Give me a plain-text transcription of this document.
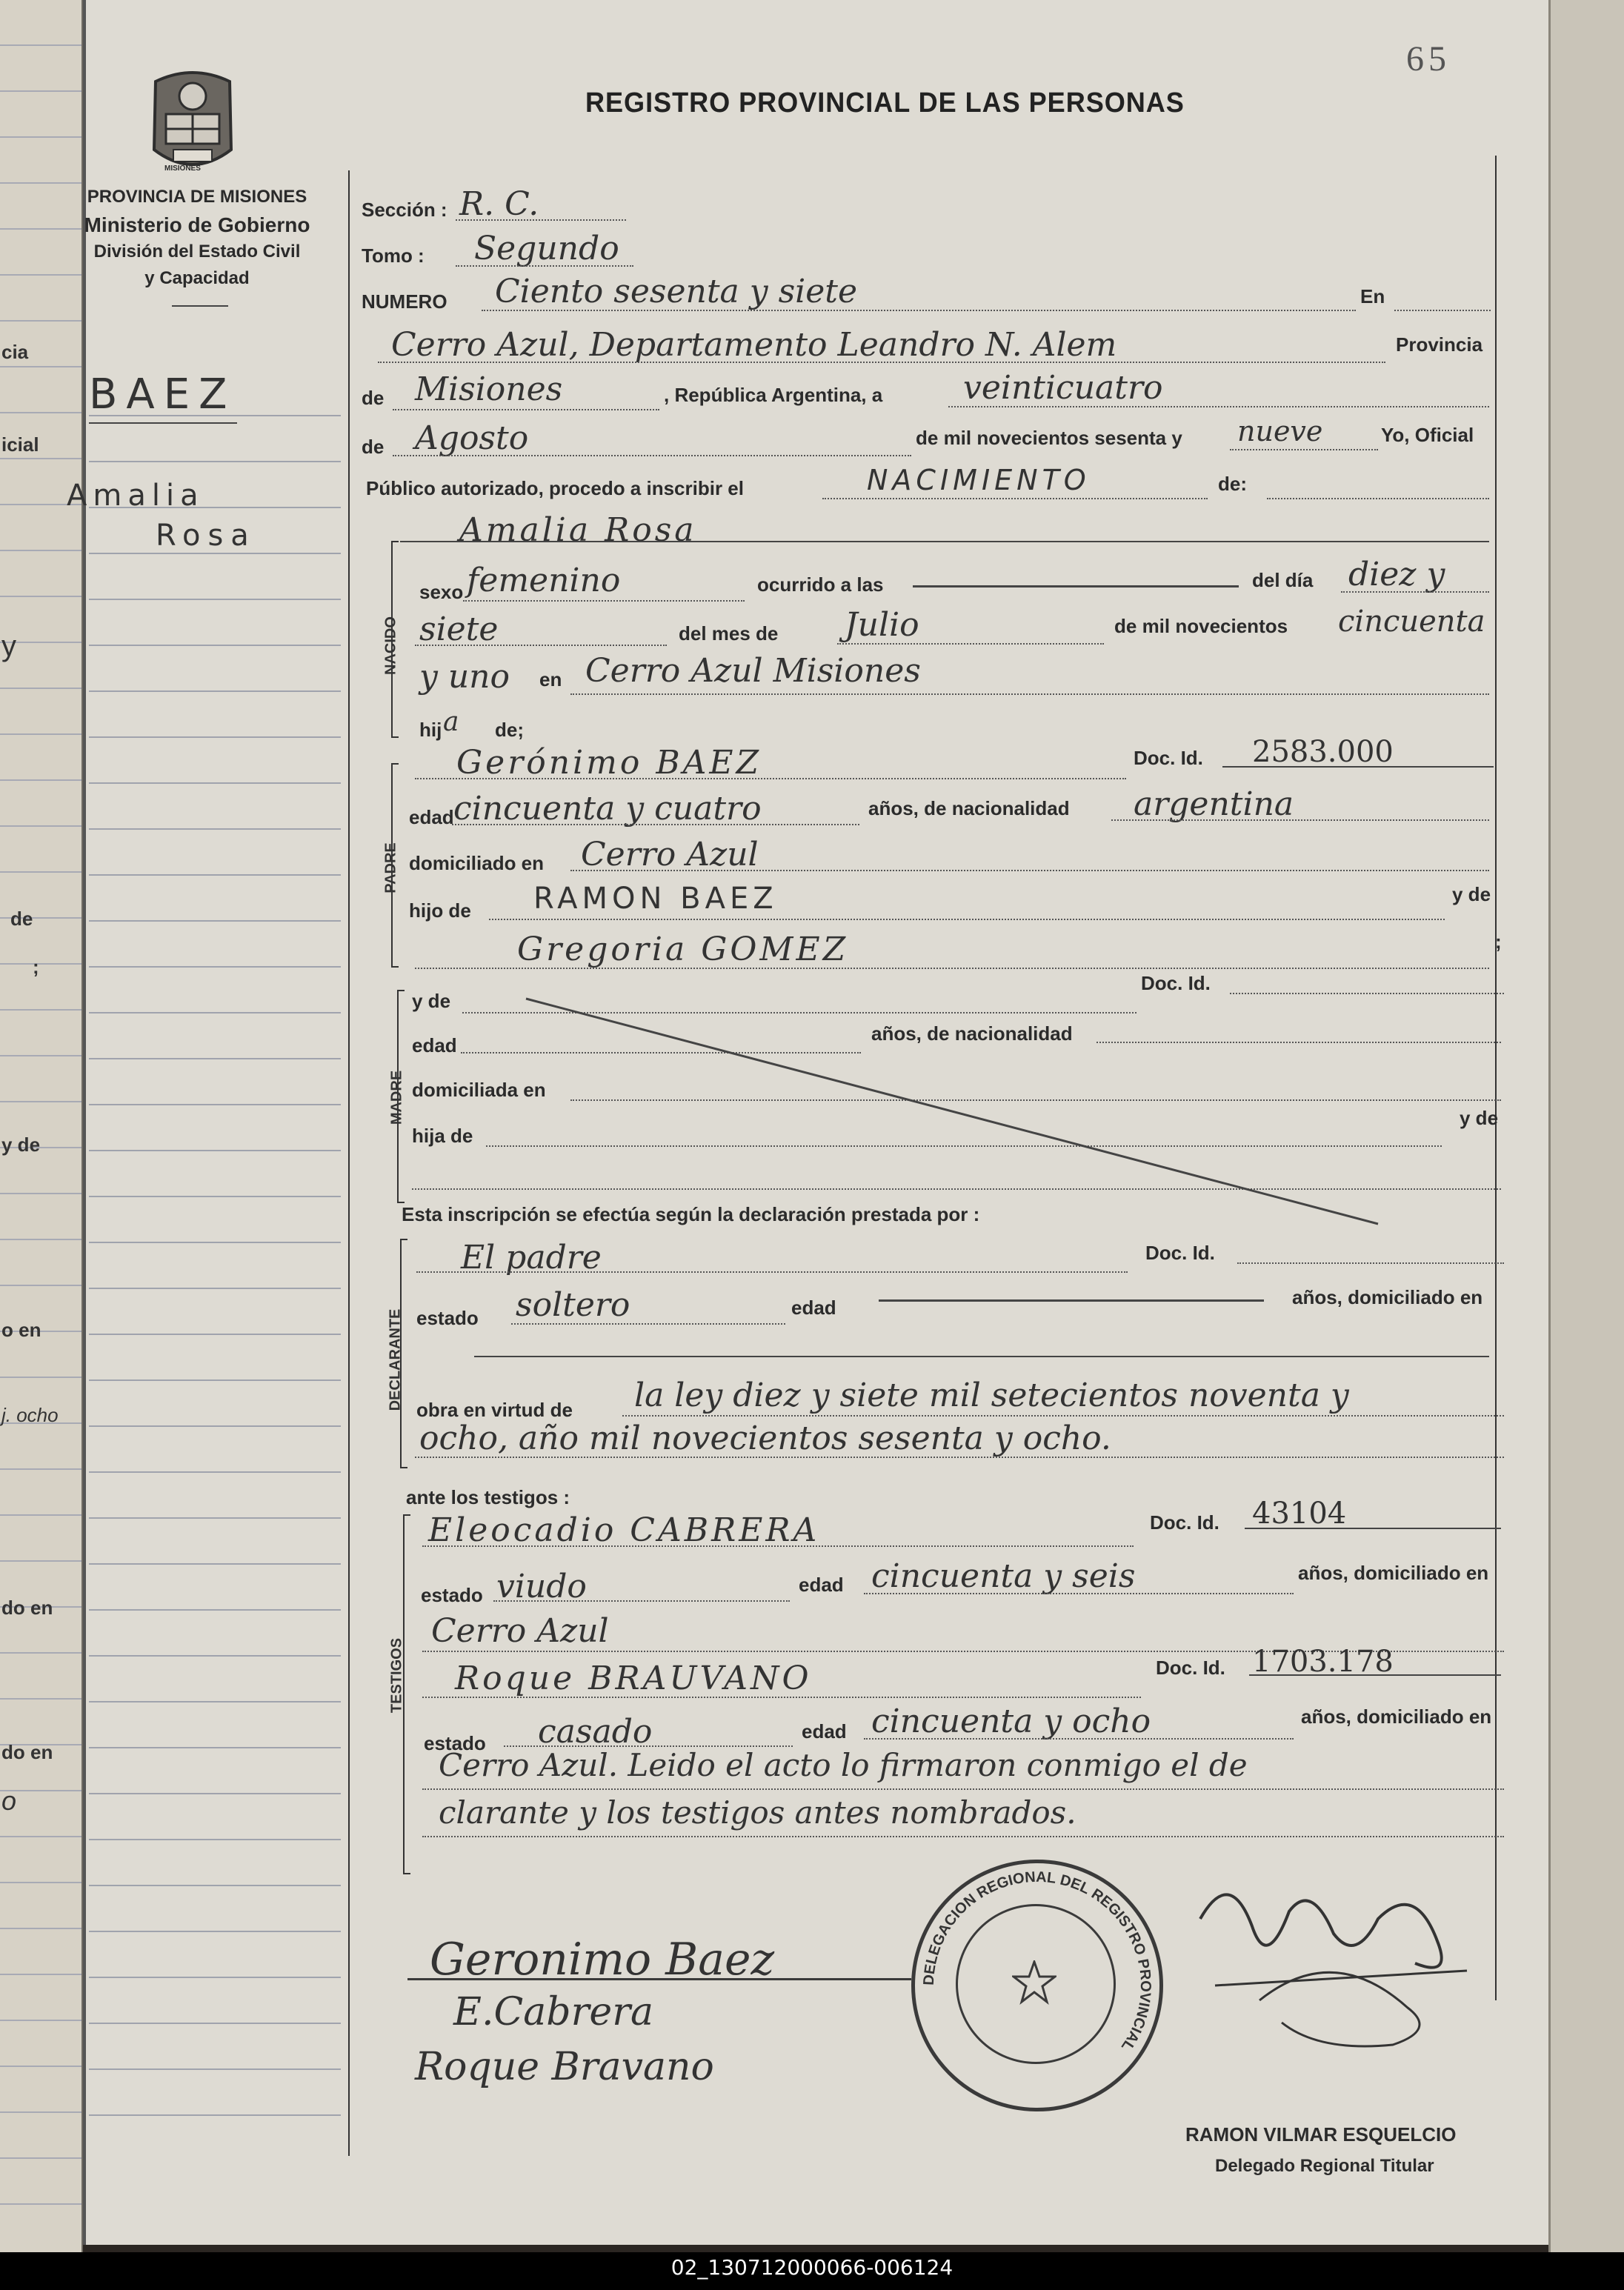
cia
icial
y
de
;
y de
o en
j. ocho
do en
do en
o
65
MISIONES
PROVINCIA DE MISIONES
Ministerio de Gobierno
División del Estado Civil
y Capacidad
REGISTRO PROVINCIAL DE LAS PERSONAS
BAEZ
Amalia
Rosa
Sección : R. C.
Tomo : Segundo
NUMERO Ciento sesenta y siete	En
Cerro Azul, Departamento Leandro N. Alem	Provincia
de Misiones	, República Argentina, a veinticuatro
de Agosto	de mil novecientos sesenta y nueve	Yo, Oficial
Público autorizado, procedo a inscribir el	NACIMIENTO	de:
Amalia Rosa
NACIDO
sexo femenino	ocurrido a las	del día diez y
siete	del mes de Julio	de mil novecientos cincuenta
y uno en Cerro Azul Misiones
hij a de;
PADRE
Gerónimo BAEZ	Doc. Id. 2583.000
edad cincuenta y cuatro	años, de nacionalidad argentina
domiciliado en Cerro Azul
hijo de RAMON BAEZ	y de
Gregoria GOMEZ	;
MADRE
y de
Doc. Id.
edad
años, de nacionalidad
domiciliada en
hija de
y de
Esta inscripción se efectúa según la declaración prestada por :
DECLARANTE
El padre	Doc. Id.
estado soltero	edad	años, domiciliado en
obra en virtud de la ley diez y siete mil setecientos noventa y
ocho, año mil novecientos sesenta y ocho.
ante los testigos :
TESTIGOS
Eleocadio CABRERA	Doc. Id. 43104
estado viudo	edad cincuenta y seis	años, domiciliado en
Cerro Azul
Roque BRAUVANO	Doc. Id. 1703.178
estado casado	edad cincuenta y ocho	años, domiciliado en
Cerro Azul. Leido el acto lo firmaron conmigo el de
clarante y los testigos antes nombrados.
Geronimo Baez
E.Cabrera
Roque Bravano
DELEGACION REGIONAL DEL REGISTRO PROVINCIAL
RAMON VILMAR ESQUELCIO
Delegado Regional Titular
02_130712000066-006124
